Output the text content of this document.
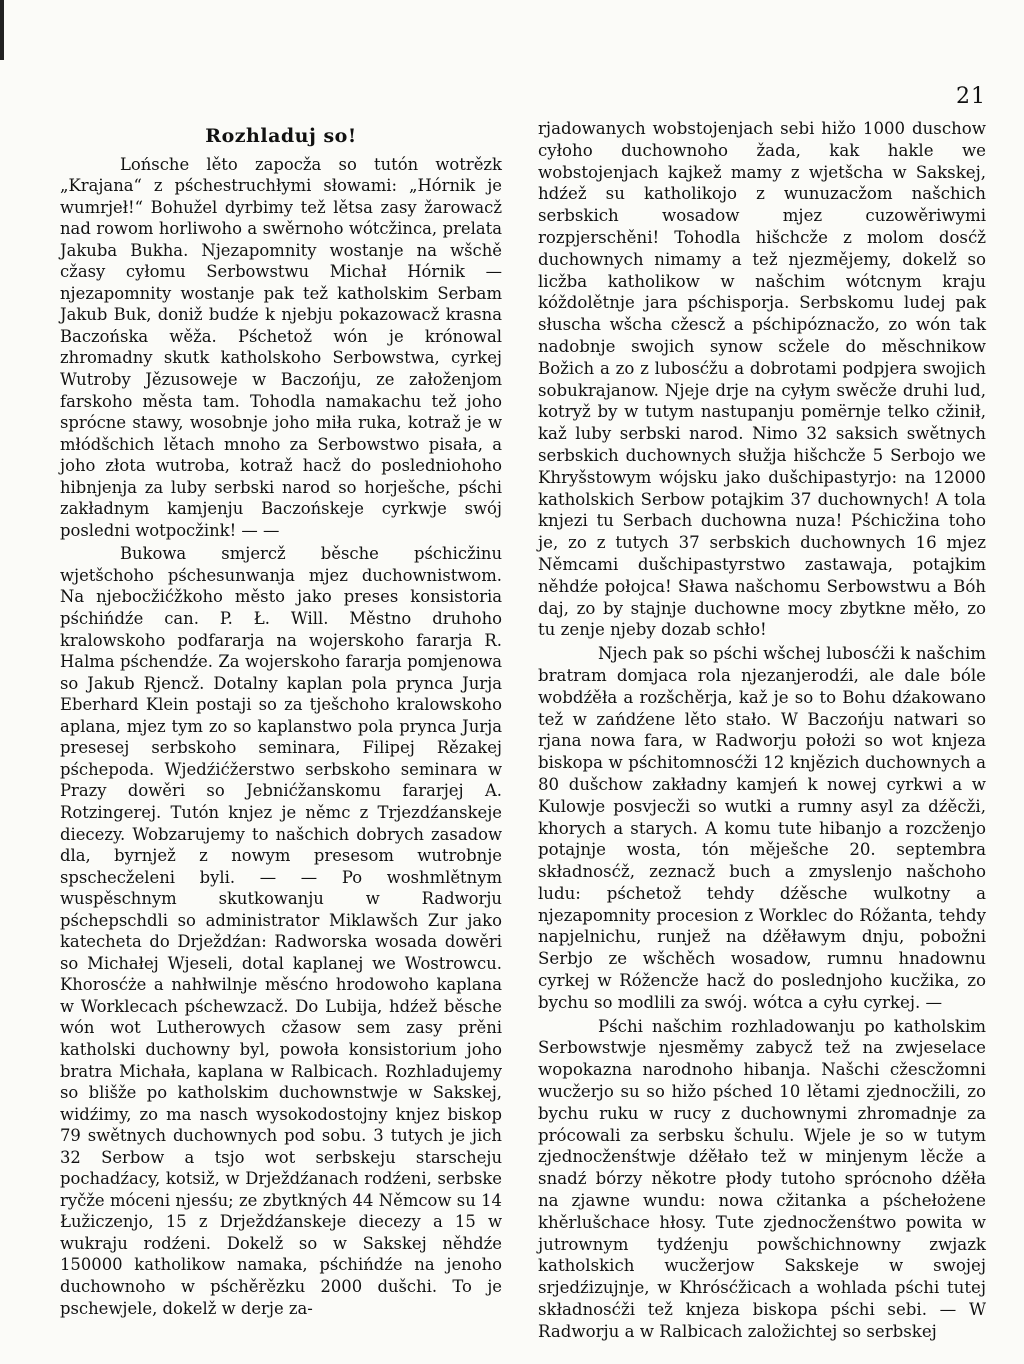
21
Rozhladuj so!

Lońsche lěto zapocža so tutón wotrězk „Krajana“ z pśchestruchłymi słowami: „Hórnik je wumrjeł!“ Bohužel dyrbimy tež lětsa zasy žarowacž nad rowom horliwoho a swěrnoho wótcžinca, prelata Jakuba Bukha. Njezapomnity wostanje na wšchě cžasy cyłomu Serbowstwu Michał Hórnik — njezapomnity wostanje pak tež katholskim Serbam Jakub Buk, doniž budźe k njebju pokazowacž krasna Baczońska wěža. Pśchetož wón je krónowal zhromadny skutk katholskoho Serbowstwa, cyrkej Wutroby Jězusoweje w Baczońju, ze załoženjom farskoho města tam. Tohodla namakachu tež joho sprócne stawy, wosobnje joho miła ruka, kotraž je w młódšchich lětach mnoho za Serbowstwo pisała, a joho złota wutroba, kotraž hacž do posledniohoho hibnjenja za luby serbski narod so horješche, pśchi zakładnym kamjenju Baczońskeje cyrkwje swój posledni wotpocžink! — —

Bukowa smjercž běsche pśchicžinu wjetšchoho pśchesunwanja mjez duchownistwom. Na njebocžićžkoho město jako preses konsistoria pśchińdźe can. P. Ł. Will. Městno druhoho kralowskoho podfararja na wojerskoho fararja R. Halma pśchendźe. Za wojerskoho fararja pomjenowa so Jakub Rjencž. Dotalny kaplan pola prynca Jurja Eberhard Klein postaji so za tješchoho kralowskoho aplana, mjez tym zo so kaplanstwo pola prynca Jurja presesej serbskoho seminara, Filipej Rězakej pśchepoda. Wjedźićžerstwo serbskoho seminara w Prazy dowěri so Jebnićžanskomu fararjej A. Rotzingerej. Tutón knjez je němc z Trjezdźanskeje diecezy. Wobzarujemy to našchich dobrych zasadow dla, byrnjež z nowym presesom wutrobnje spschecželeni byli. — — Po woshmlětnym wuspěschnym skutkowanju w Radworju pśchepschdli so administrator Miklawšch Zur jako katecheta do Drježdźan: Radworska wosada dowěri so Michałej Wjeseli, dotal kaplanej we Wostrowcu. Khorosćże a nahłwilnje měsćno hrodowoho kaplana w Worklecach pśchewzacž. Do Lubija, hdźež běsche wón wot Lutherowych cžasow sem zasy prěni katholski duchowny byl, powoła konsistorium joho bratra Michała, kaplana w Ralbicach. Rozhladujemy so blišže po katholskim duchownstwje w Sakskej, widźimy, zo ma nasch wysokodostojny knjez biskop 79 swětnych duchownych pod sobu. 3 tutych je jich 32 Serbow a tsjo wot serbskeju starscheju pochadźacy, kotsiž, w Drježdźanach rodźeni, serbske ryčže móceni njesśu; ze zbytkných 44 Němcow su 14 Łužiczenjo, 15 z Drježdźanskeje diecezy a 15 w wukraju rodźeni. Dokelž so w Sakskej něhdźe 150000 katholikow namaka, pśchińdźe na jenoho duchownoho w pśchěrězku 2000 dušchi. To je pschewjele, dokelž w derje za-

rjadowanych wobstojenjach sebi hižo 1000 duschow cyłoho duchownoho žada, kak hakle we wobstojenjach kajkež mamy z wjetšcha w Sakskej, hdźež su katholikojo z wunuzacžom našchich serbskich wosadow mjez cuzowěriwymi rozpjerschěni! Tohodla hišchcže z molom dosćž duchownych nimamy a tež njezmějemy, dokelž so licžba katholikow w našchim wótcnym kraju kóždolětnje jara pśchisporja. Serbskomu ludej pak słuscha wšcha cžescž a pśchipóznacžo, zo wón tak nadobnje swojich synow scžele do měschnikow Božich a zo z lubosćžu a dobrotami podpjera swojich sobukrajanow. Njeje drje na cyłym swěcže druhi lud, kotryž by w tutym nastupanju pomërnje telko cžinił, kaž luby serbski narod. Nimo 32 saksich swětnych serbskich duchownych słužja hišchcže 5 Serbojo we Khryšstowym wójsku jako dušchipastyrjo: na 12000 katholskich Serbow potajkim 37 duchownych! A tola knjezi tu Serbach duchowna nuza! Pśchicžina toho je, zo z tutych 37 serbskich duchownych 16 mjez Němcami dušchipastyrstwo zastawaja, potajkim něhdźe połojca! Sława našchomu Serbowstwu a Bóh daj, zo by stajnje duchowne mocy zbytkne měło, zo tu zenje njeby dozab schło!

Njech pak so pśchi wšchej lubosćži k našchim bratram domjaca rola njezanjerodźi, ale dale bóle wobdźěła a rozšchěrja, kaž je so to Bohu dźakowano tež w zańdźene lěto stało. W Baczońju natwari so rjana nowa fara, w Radworju położi so wot knjeza biskopa w pśchitomnosćži 12 knjězich duchownych a 80 dušchow zakładny kamjeń k nowej cyrkwi a w Kulowje posvjecži so wutki a rumny asyl za dźěcži, khorych a starych. A komu tute hibanjo a rozcženjo potajnje wosta, tón měješche 20. septembra składnosćž, zeznacž buch a zmyslenjo našchoho ludu: pśchetož tehdy dźěsche wulkotny a njezapomnity procesion z Worklec do Róžanta, tehdy napjelnichu, runjež na dźěławym dnju, pobožni Serbjo ze wšchěch wosadow, rumnu hnadownu cyrkej w Róžencže hacž do poslednjoho kucžika, zo bychu so modlili za swój. wótca a cyłu cyrkej. —

Pśchi našchim rozhladowanju po katholskim Serbowstwje njesměmy zabycž tež na zwjeselace wopokazna narodnoho hibanja. Našchi cžescžomni wucžerjo su so hižo pśched 10 lětami zjednocžili, zo bychu ruku w rucy z duchownymi zhromadnje za prócowali za serbsku šchulu. Wjele je so w tutym zjednocženśtwje dźěłało tež w minjenym lěcže a snadź bórzy někotre płody tutoho sprócnoho dźěła na zjawne wundu: nowa cžitanka a pśchełożene khěrlušchace hłosy. Tute zjednocženśtwo powita w jutrownym tydźenju powšchichnowny zwjazk katholskich wucžerjow Sakskeje w swojej srjedźizujnje, w Khrósćžicach a wohlada pśchi tutej składnosćži tež knjeza biskopa pśchi sebi. — W Radworju a w Ralbicach založichtej so serbskej
